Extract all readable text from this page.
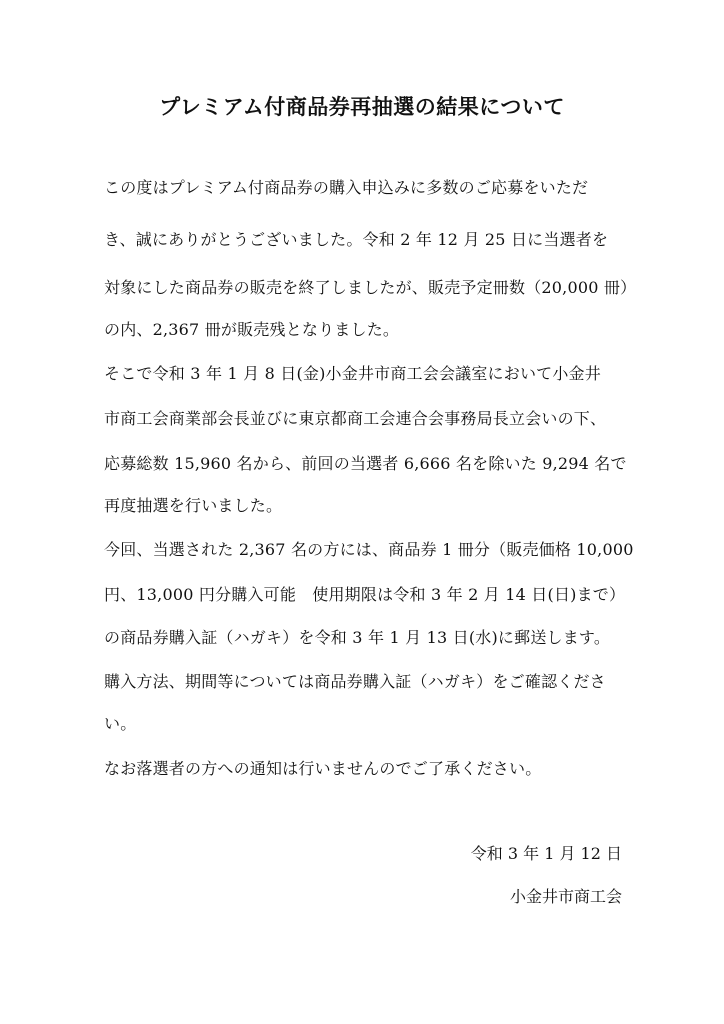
プレミアム付商品券再抽選の結果について
この度はプレミアム付商品券の購入申込みに多数のご応募をいただ
き、誠にありがとうございました。令和 2 年 12 月 25 日に当選者を
対象にした商品券の販売を終了しましたが、販売予定冊数（20,000 冊）
の内、2,367 冊が販売残となりました。
そこで令和 3 年 1 月 8 日(金)小金井市商工会会議室において小金井
市商工会商業部会長並びに東京都商工会連合会事務局長立会いの下、
応募総数 15,960 名から、前回の当選者 6,666 名を除いた 9,294 名で
再度抽選を行いました。
今回、当選された 2,367 名の方には、商品券 1 冊分（販売価格 10,000
円、13,000 円分購入可能　使用期限は令和 3 年 2 月 14 日(日)まで）
の商品券購入証（ハガキ）を令和 3 年 1 月 13 日(水)に郵送します。
購入方法、期間等については商品券購入証（ハガキ）をご確認くださ
い。
なお落選者の方への通知は行いませんのでご了承ください。
令和 3 年 1 月 12 日
小金井市商工会
